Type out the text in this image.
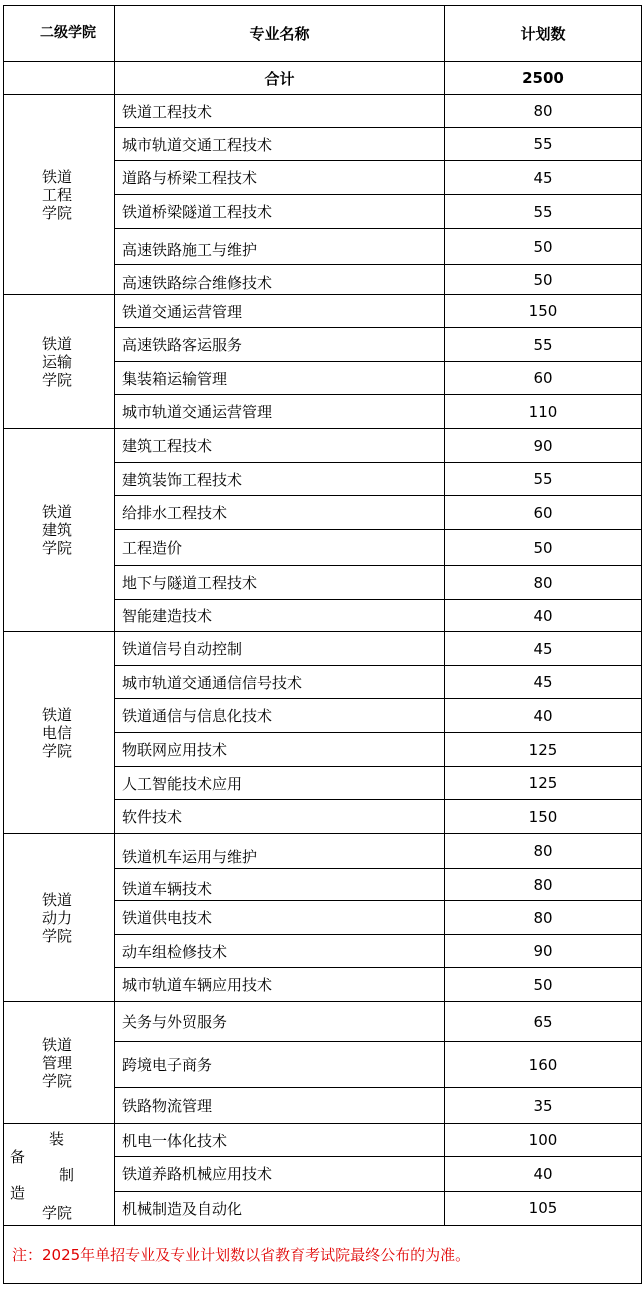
二级学院	专业名称	计划数
	合计	2500

铁道
工程
学院	铁道工程技术	80
	城市轨道交通工程技术	55
	道路与桥梁工程技术	45
	铁道桥梁隧道工程技术	55
	高速铁路施工与维护	50
	高速铁路综合维修技术	50

铁道
运输
学院	铁道交通运营管理	150
	高速铁路客运服务	55
	集装箱运输管理	60
	城市轨道交通运营管理	110

铁道
建筑
学院	建筑工程技术	90
	建筑装饰工程技术	55
	给排水工程技术	60
	工程造价	50
	地下与隧道工程技术	80
	智能建造技术	40

铁道
电信
学院	铁道信号自动控制	45
	城市轨道交通通信信号技术	45
	铁道通信与信息化技术	40
	物联网应用技术	125
	人工智能技术应用	125
	软件技术	150

铁道
动力
学院	铁道机车运用与维护	80
	铁道车辆技术	80
	铁道供电技术	80
	动车组检修技术	90
	城市轨道车辆应用技术	50

铁道
管理
学院	关务与外贸服务	65
	跨境电子商务	160
	铁路物流管理	35

装
备
制
造
学院	机电一体化技术	100
	铁道养路机械应用技术	40
	机械制造及自动化	105
注：2025年单招专业及专业计划数以省教育考试院最终公布的为准。		
